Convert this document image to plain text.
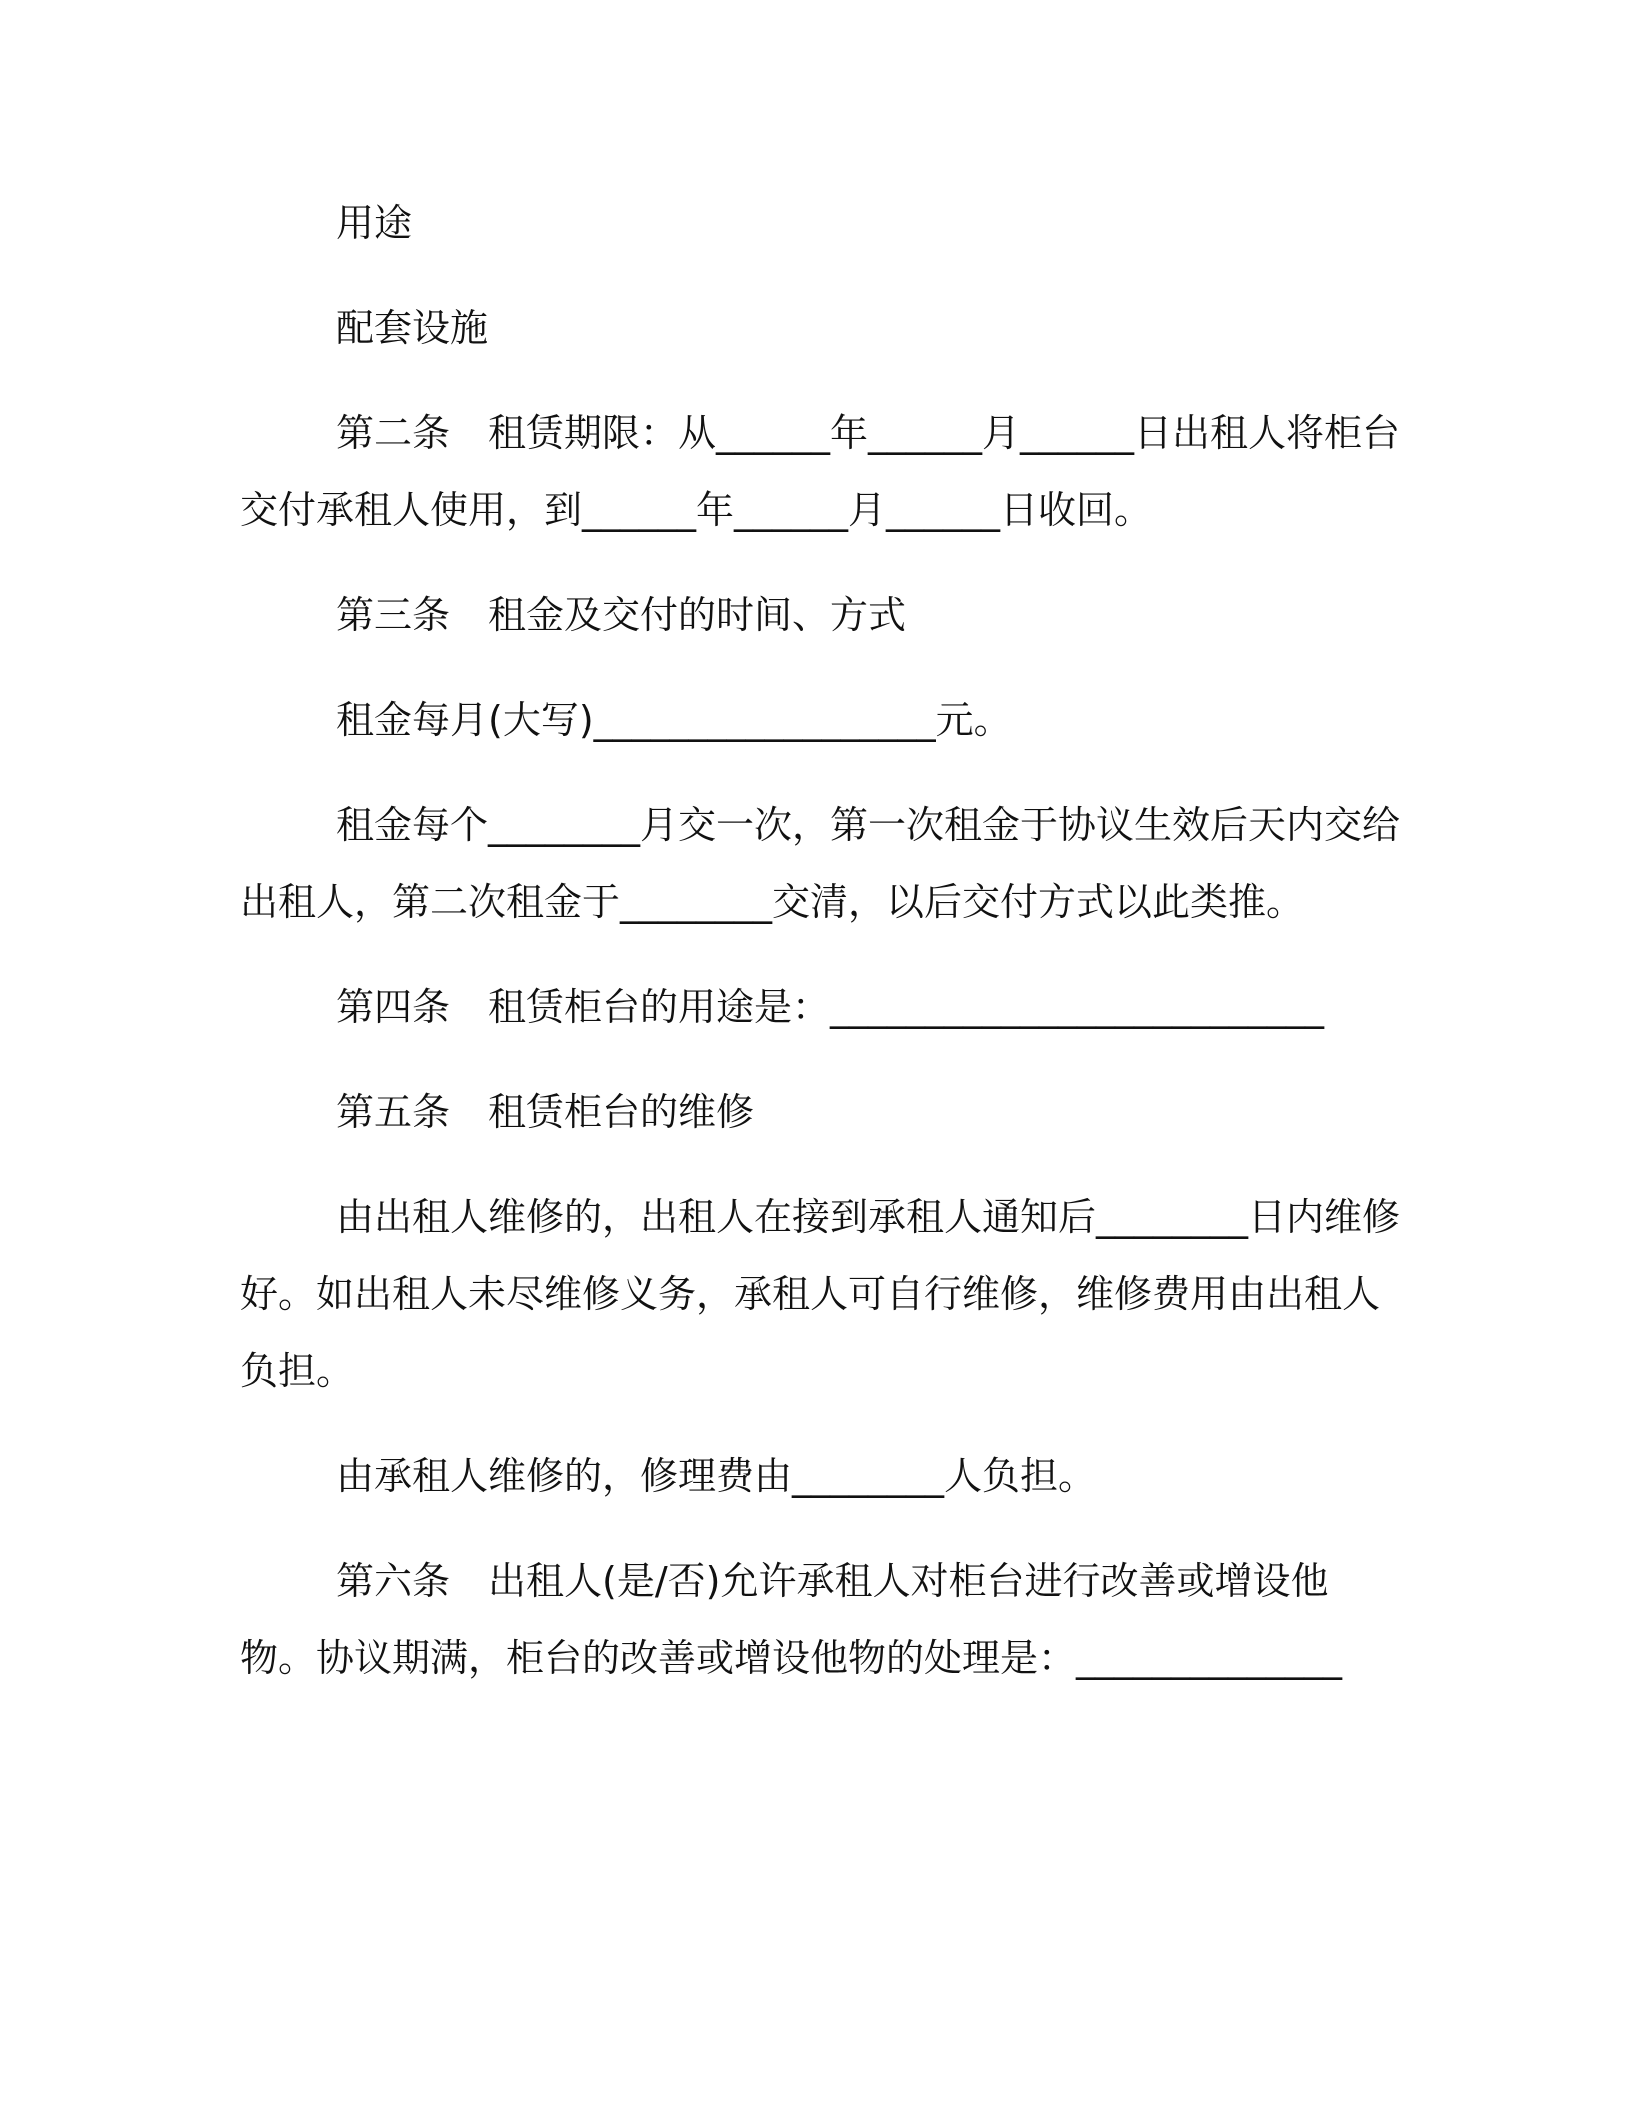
用途

配套设施

第二条　租赁期限：从______年______月______日出租人将柜台交付承租人使用，到______年______月______日收回。

第三条　租金及交付的时间、方式

租金每月(大写)__________________元。

租金每个________月交一次，第一次租金于协议生效后天内交给出租人，第二次租金于________交清，以后交付方式以此类推。

第四条　租赁柜台的用途是：__________________________

第五条　租赁柜台的维修

由出租人维修的，出租人在接到承租人通知后________日内维修好。如出租人未尽维修义务，承租人可自行维修，维修费用由出租人负担。

由承租人维修的，修理费由________人负担。

第六条　出租人(是/否)允许承租人对柜台进行改善或增设他物。协议期满，柜台的改善或增设他物的处理是：______________
